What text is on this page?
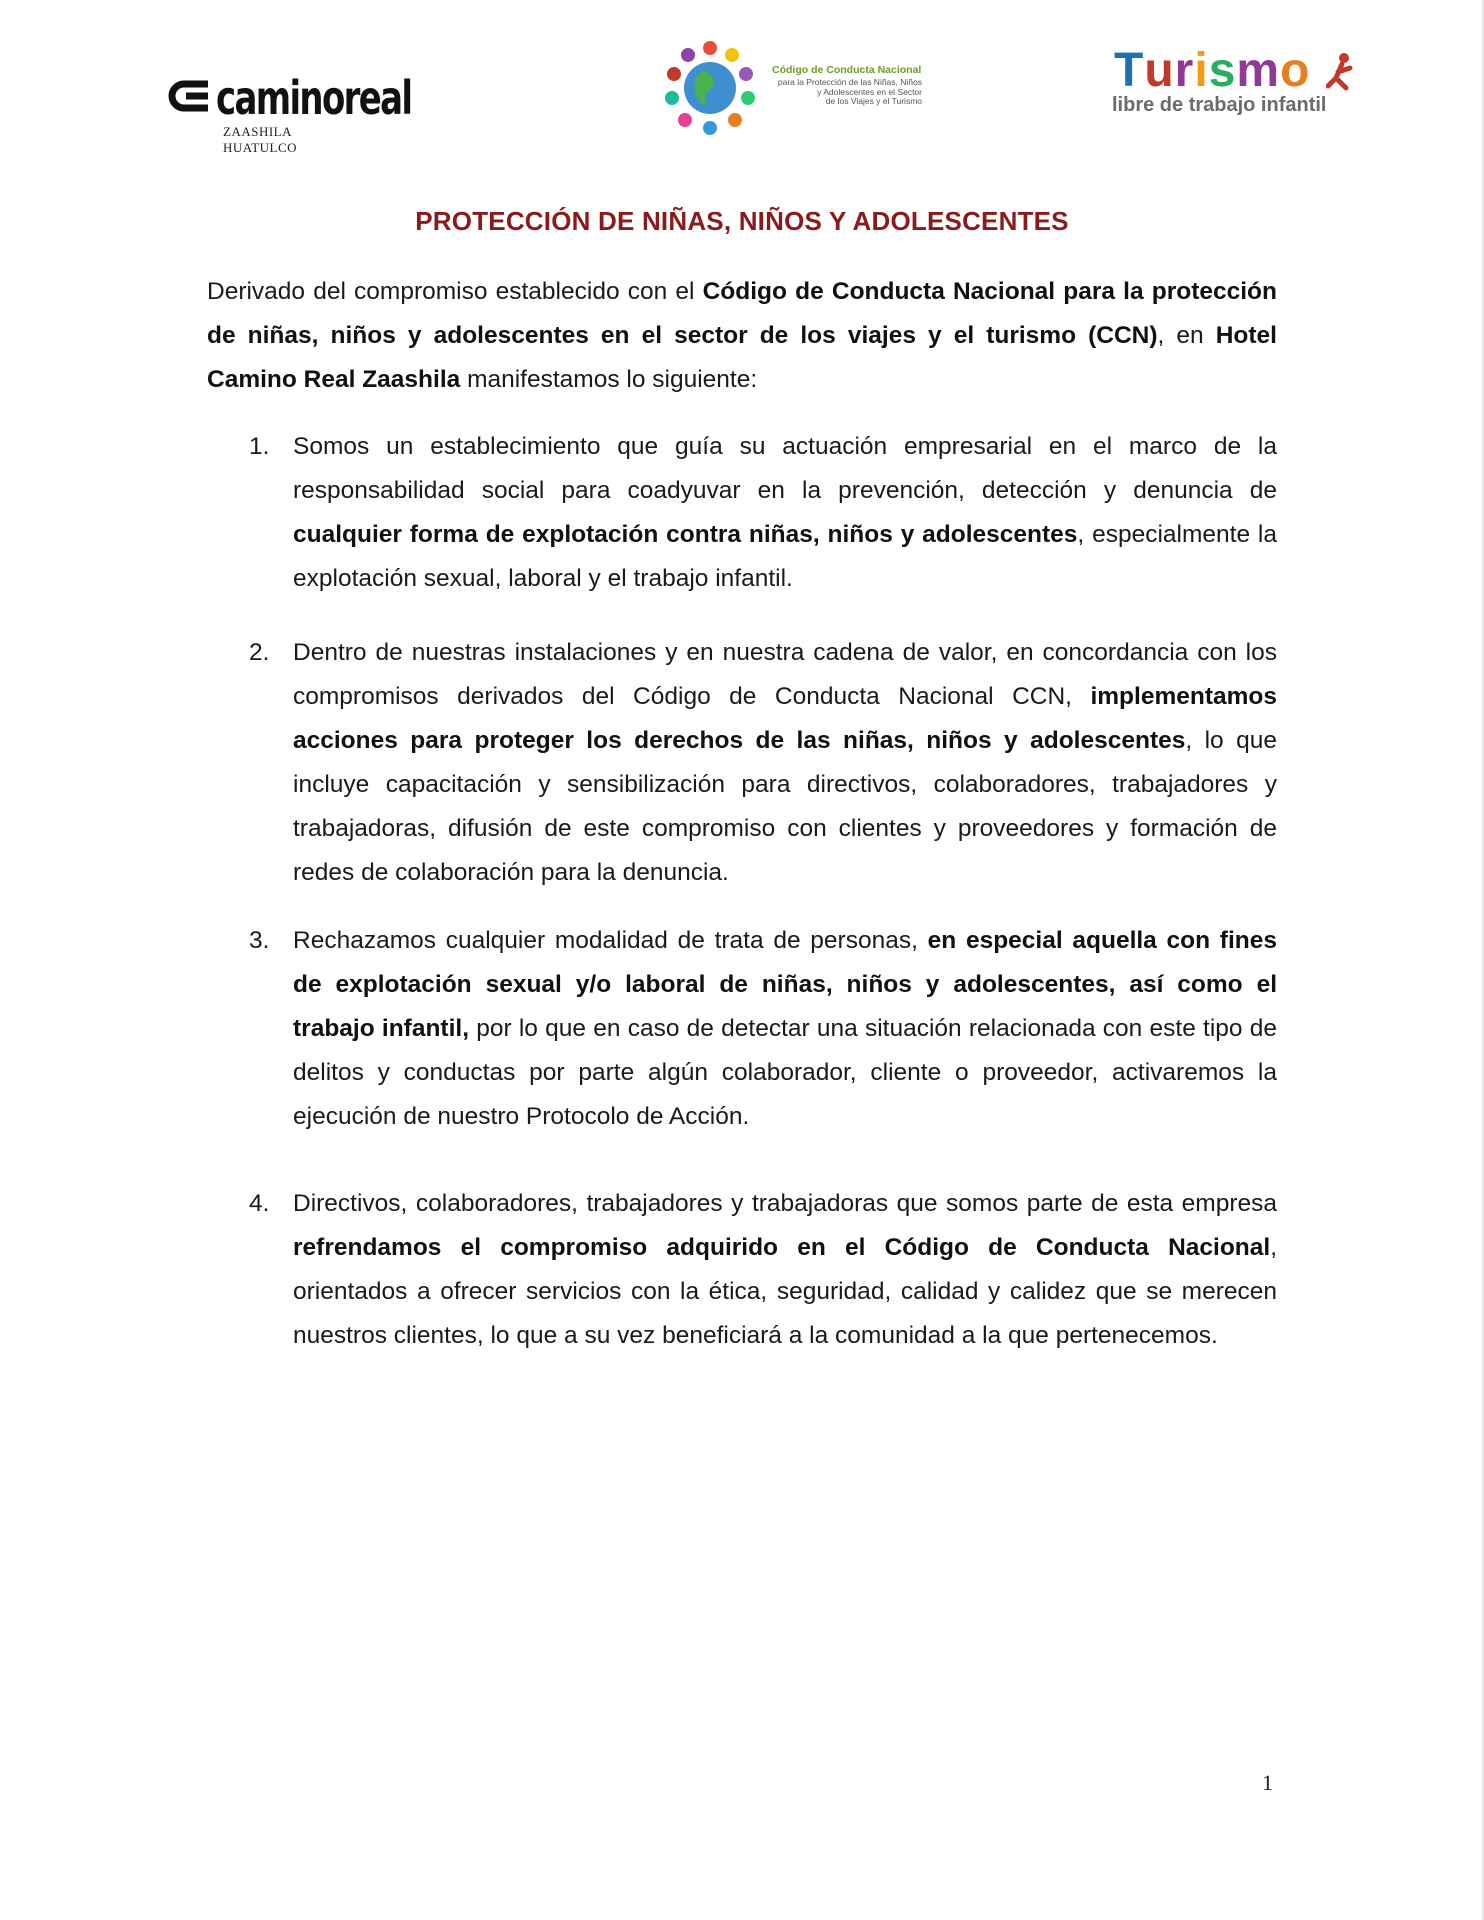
caminoreal
ZAASHILA HUATULCO
Código de Conducta Nacional
para la Protección de las Niñas, Niños
y Adolescentes en el Sector
de los Viajes y el Turismo
Turismo
libre de trabajo infantil
PROTECCIÓN DE NIÑAS, NIÑOS Y ADOLESCENTES

Derivado del compromiso establecido con el Código de Conducta Nacional para la protección de niñas, niños y adolescentes en el sector de los viajes y el turismo (CCN), en Hotel Camino Real Zaashila manifestamos lo siguiente:

1. Somos un establecimiento que guía su actuación empresarial en el marco de la responsabilidad social para coadyuvar en la prevención, detección y denuncia de cualquier forma de explotación contra niñas, niños y adolescentes, especialmente la explotación sexual, laboral y el trabajo infantil.

2. Dentro de nuestras instalaciones y en nuestra cadena de valor, en concordancia con los compromisos derivados del Código de Conducta Nacional CCN, implementamos acciones para proteger los derechos de las niñas, niños y adolescentes, lo que incluye capacitación y sensibilización para directivos, colaboradores, trabajadores y trabajadoras, difusión de este compromiso con clientes y proveedores y formación de redes de colaboración para la denuncia.

3. Rechazamos cualquier modalidad de trata de personas, en especial aquella con fines de explotación sexual y/o laboral de niñas, niños y adolescentes, así como el trabajo infantil, por lo que en caso de detectar una situación relacionada con este tipo de delitos y conductas por parte algún colaborador, cliente o proveedor, activaremos la ejecución de nuestro Protocolo de Acción.

4. Directivos, colaboradores, trabajadores y trabajadoras que somos parte de esta empresa refrendamos el compromiso adquirido en el Código de Conducta Nacional, orientados a ofrecer servicios con la ética, seguridad, calidad y calidez que se merecen nuestros clientes, lo que a su vez beneficiará a la comunidad a la que pertenecemos.

1
